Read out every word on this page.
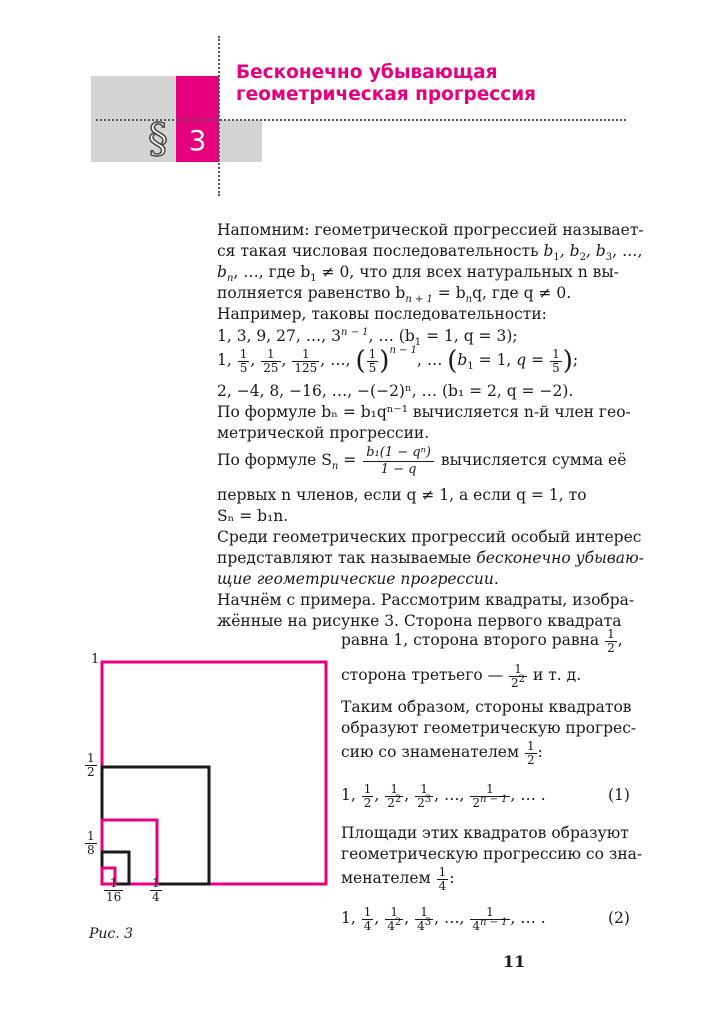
3
§
Бесконечно убывающая
геометрическая прогрессия
Напомним: геометрической прогрессией называет-
ся такая числовая последовательность $b_1$, $b_2$, $b_3$, …,
$b_n$, …, где $b_1 \ne 0$, что для всех натуральных n вы-
полняется равенство $b_{n + 1} = b_nq$, где q ≠ 0.
Например, таковы последовательности:
1, 3, 9, 27, …, $3^{n - 1}$, … ($b_1 = 1$, q = 3);
1, $\frac{1}{5}$ , $\frac{1}{25}$ , $\frac{1}{125}$ , …, ( $\frac{1}{5} )^{n - 1}$, … ($b_1 = 1$, $q = \frac{1}{5}$ );
2, −4, 8, −16, …, −(−2)ⁿ, … (b₁ = 2, q = −2).
По формуле bₙ = b₁qⁿ⁻¹ вычисляется n-й член гео-
метрической прогрессии.
По формуле $S_n = \frac{\text{b₁(1 − qⁿ)}}{1 - q}$ вычисляется сумма её
первых n членов, если q ≠ 1, а если q = 1, то
Sₙ = b₁n.
Среди геометрических прогрессий особый интерес
представляют так называемые бесконечно убываю-
щие геометрические прогрессии.
Начнём с примера. Рассмотрим квадраты, изобра-
жённые на рисунке 3. Сторона первого квадрата
равна 1, сторона второго равна $\frac{1}{2}$ ,
сторона третьего — $\frac{1}{2^2}$ и т. д.
Таким образом, стороны квадратов
образуют геометрическую прогрес-
сию со знаменателем $\frac{1}{2}$ :
1, $\frac{1}{2}$ , $\frac{1}{2^2}$ , $\frac{1}{2^3}$ , …, $\frac{1}{2^{n - 1}}$ , … .	(1)
Площади этих квадратов образуют
геометрическую прогрессию со зна-
менателем $\frac{1}{4}$ :
1, $\frac{1}{4}$ , $\frac{1}{4^2}$ , $\frac{1}{4^3}$ , …, $\frac{1}{4^{n - 1}}$ , … .	(2)
1
1
2
1
8
1
16
1
4
Рис. 3
11
